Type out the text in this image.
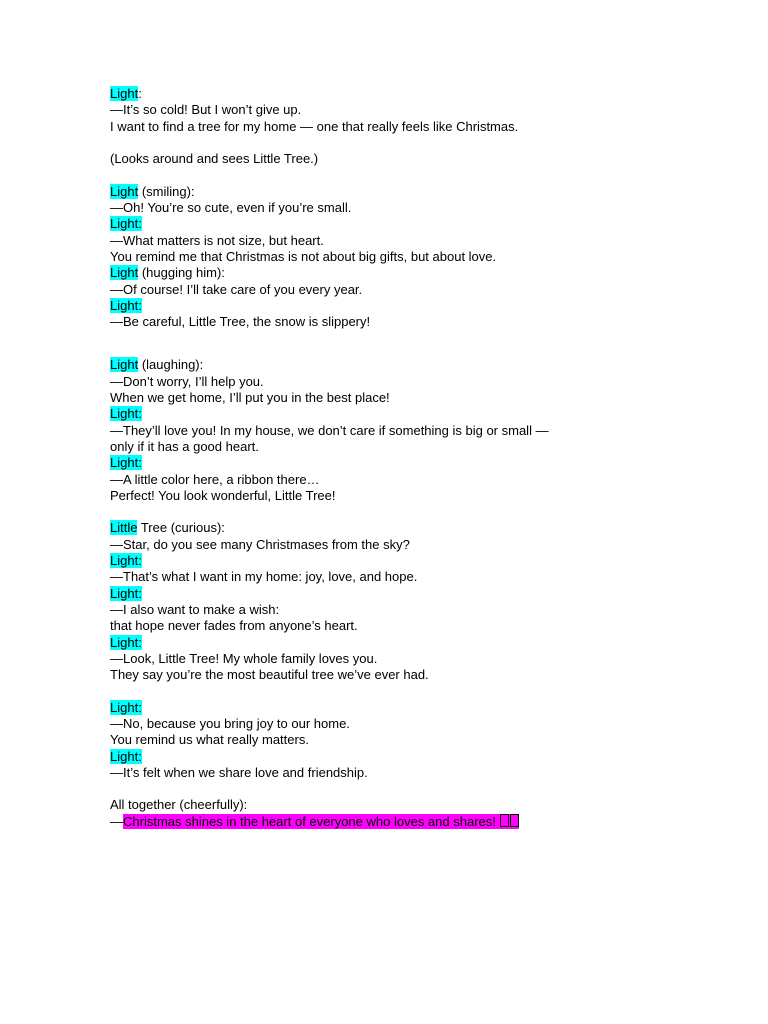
Light:
—It’s so cold! But I won’t give up.
I want to find a tree for my home — one that really feels like Christmas.
(Looks around and sees Little Tree.)
Light (smiling):
—Oh! You’re so cute, even if you’re small.
Light:
—What matters is not size, but heart.
You remind me that Christmas is not about big gifts, but about love.
Light (hugging him):
—Of course! I’ll take care of you every year.
Light:
—Be careful, Little Tree, the snow is slippery!
Light (laughing):
—Don’t worry, I’ll help you.
When we get home, I’ll put you in the best place!
Light:
—They’ll love you! In my house, we don’t care if something is big or small —
only if it has a good heart.
Light:
—A little color here, a ribbon there…
Perfect! You look wonderful, Little Tree!
Little Tree (curious):
—Star, do you see many Christmases from the sky?
Light:
—That’s what I want in my home: joy, love, and hope.
Light:
—I also want to make a wish:
that hope never fades from anyone’s heart.
Light:
—Look, Little Tree! My whole family loves you.
They say you’re the most beautiful tree we’ve ever had.
Light:
—No, because you bring joy to our home.
You remind us what really matters.
Light:
—It’s felt when we share love and friendship.
All together (cheerfully):
—Christmas shines in the heart of everyone who loves and shares!
